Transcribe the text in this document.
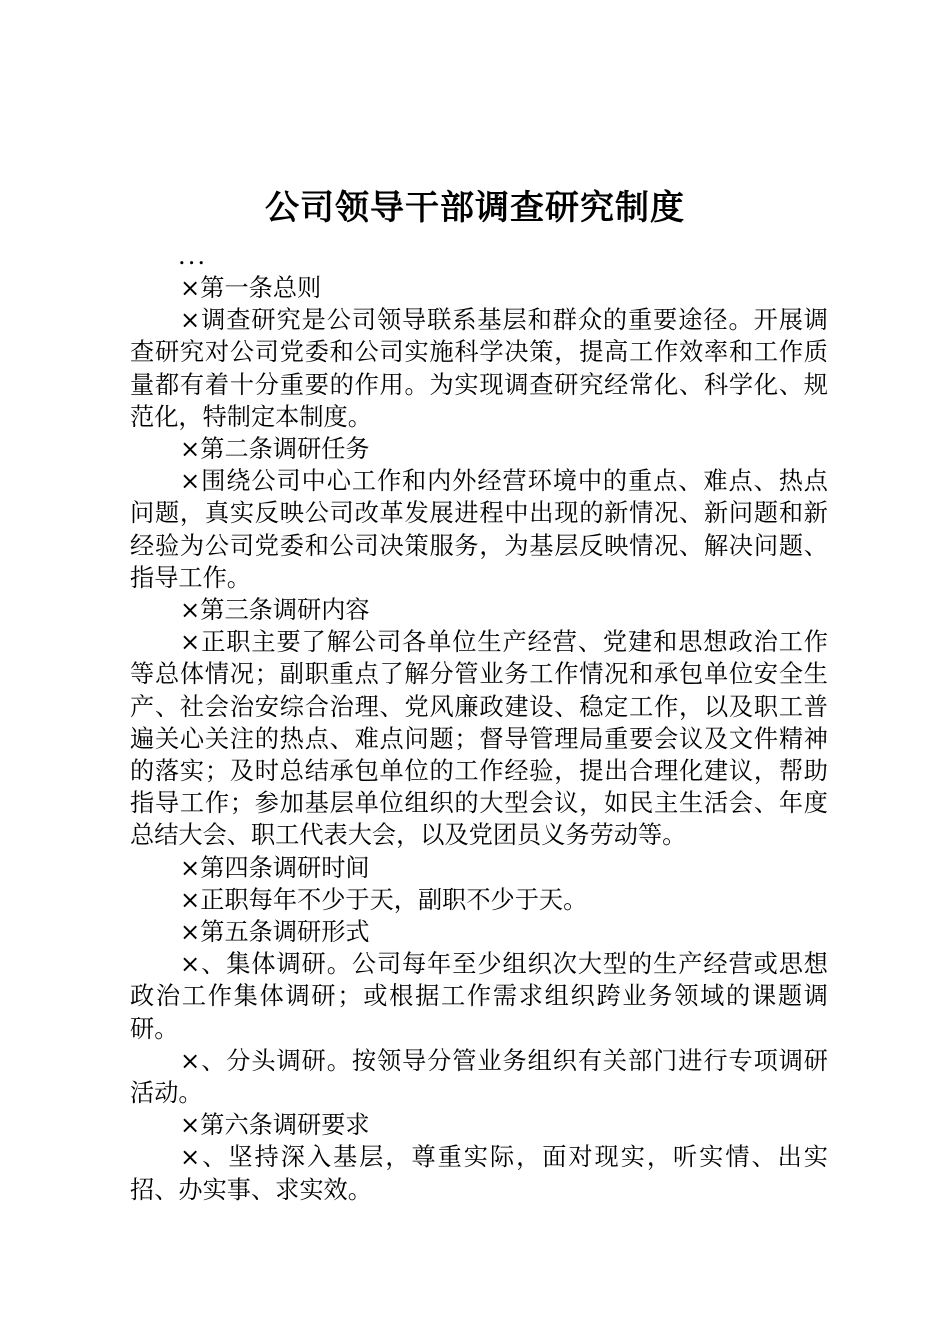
公司领导干部调查研究制度

...

×第一条总则

×调查研究是公司领导联系基层和群众的重要途径。开展调查研究对公司党委和公司实施科学决策，提高工作效率和工作质量都有着十分重要的作用。为实现调查研究经常化、科学化、规范化，特制定本制度。

×第二条调研任务

×围绕公司中心工作和内外经营环境中的重点、难点、热点问题，真实反映公司改革发展进程中出现的新情况、新问题和新经验为公司党委和公司决策服务，为基层反映情况、解决问题、指导工作。

×第三条调研内容

×正职主要了解公司各单位生产经营、党建和思想政治工作等总体情况；副职重点了解分管业务工作情况和承包单位安全生产、社会治安综合治理、党风廉政建设、稳定工作，以及职工普遍关心关注的热点、难点问题；督导管理局重要会议及文件精神的落实；及时总结承包单位的工作经验，提出合理化建议，帮助指导工作；参加基层单位组织的大型会议，如民主生活会、年度总结大会、职工代表大会，以及党团员义务劳动等。

×第四条调研时间

×正职每年不少于天，副职不少于天。

×第五条调研形式

×、集体调研。公司每年至少组织次大型的生产经营或思想政治工作集体调研；或根据工作需求组织跨业务领域的课题调研。

×、分头调研。按领导分管业务组织有关部门进行专项调研活动。

×第六条调研要求

×、坚持深入基层，尊重实际，面对现实，听实情、出实招、办实事、求实效。
